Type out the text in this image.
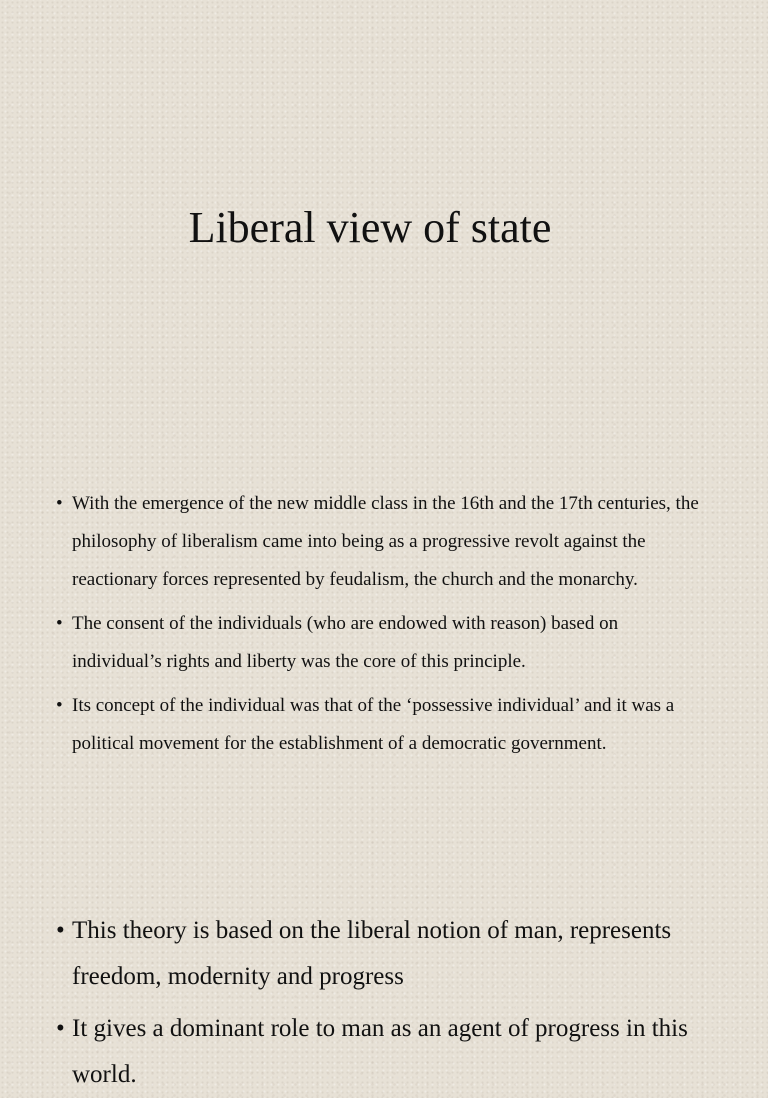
Liberal view of state
• With the emergence of the new middle class in the 16th and the 17th centuries, the philosophy of liberalism came into being as a progressive revolt against the reactionary forces represented by feudalism, the church and the monarchy.
• The consent of the individuals (who are endowed with reason) based on individual’s rights and liberty was the core of this principle.
• Its concept of the individual was that of the ‘possessive individual’ and it was a political movement for the establishment of a democratic government.
• This theory is based on the liberal notion of man, represents freedom, modernity and progress
• It gives a dominant role to man as an agent of progress in this world.
